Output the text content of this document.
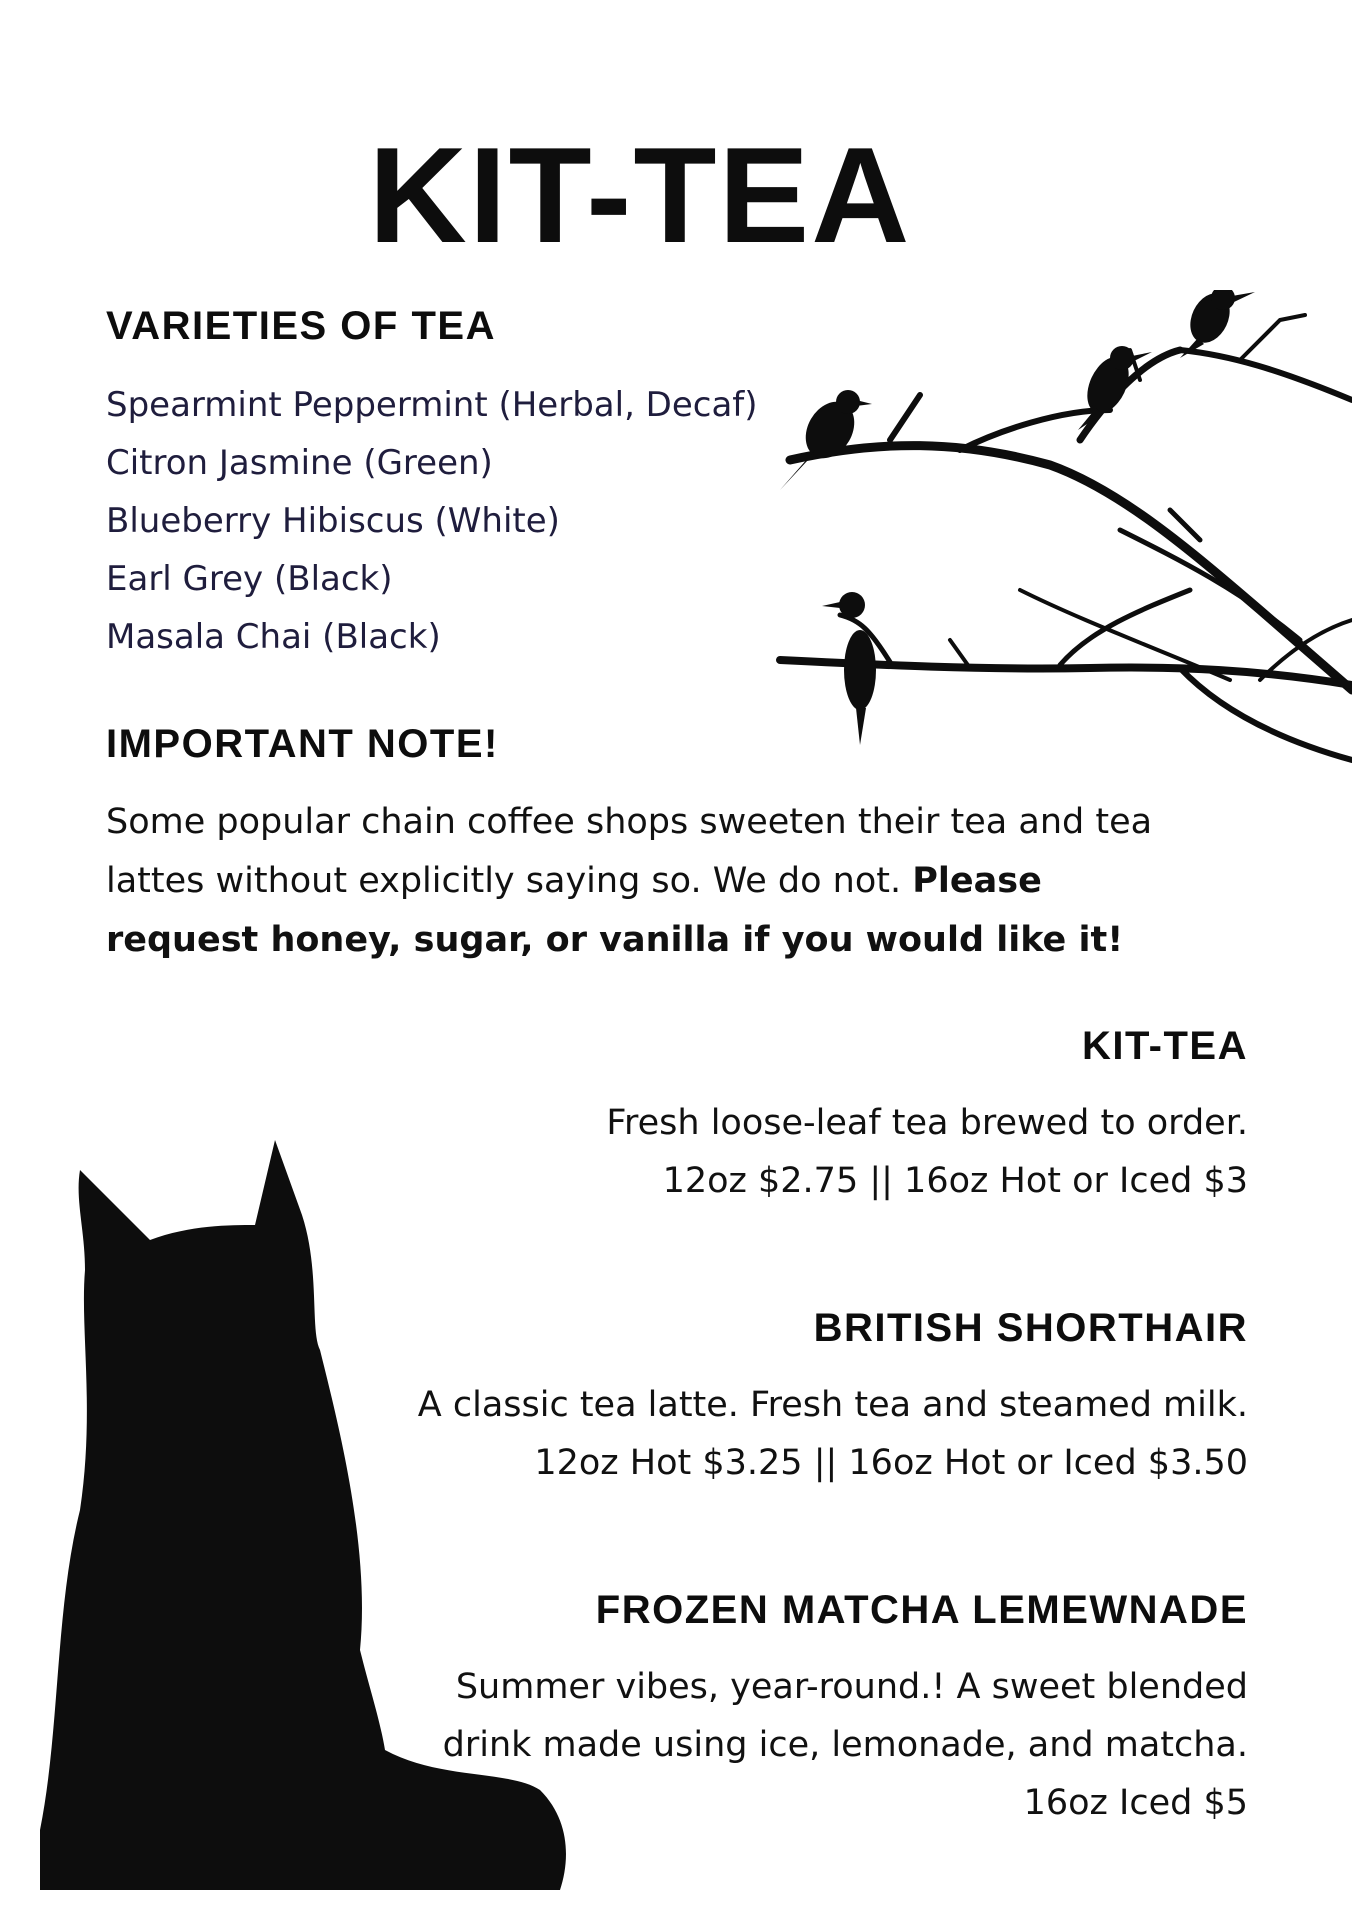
KIT-TEA
VARIETIES OF TEA
Spearmint Peppermint (Herbal, Decaf)
Citron Jasmine (Green)
Blueberry Hibiscus (White)
Earl Grey (Black)
Masala Chai (Black)
IMPORTANT NOTE!

Some popular chain coffee shops sweeten their tea and tea lattes without explicitly saying so. We do not. Please request honey, sugar, or vanilla if you would like it!

KIT-TEA

Fresh loose-leaf tea brewed to order.

12oz $2.75 || 16oz Hot or Iced $3

BRITISH SHORTHAIR

A classic tea latte. Fresh tea and steamed milk.

12oz Hot $3.25 || 16oz Hot or Iced $3.50

FROZEN MATCHA LEMEWNADE

Summer vibes, year-round.! A sweet blended

drink made using ice, lemonade, and matcha.

16oz Iced $5
